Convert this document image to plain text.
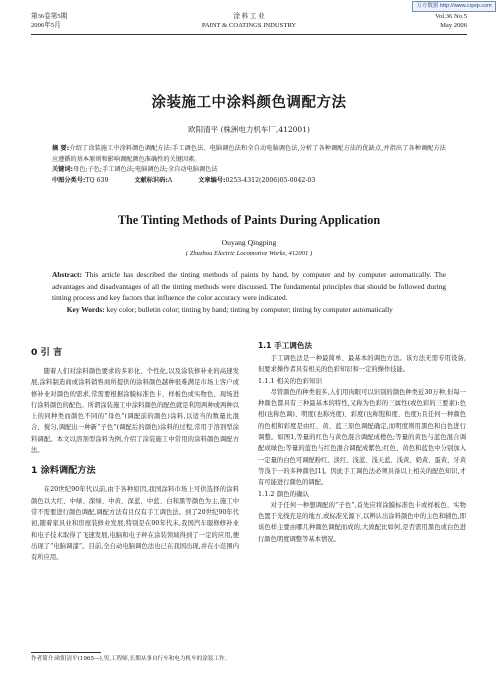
万方数据 http://www.cqvip.com
第36卷第5期
2006年5月
涂 料 工 业
PAINT & COATINGS INDUSTRY
Vol.36 No.5
May 2006
涂装施工中涂料颜色调配方法
欧阳清平 (株洲电力机车厂,412001)

摘 要:介绍了涂装施工中涂料颜色调配方法:手工调色法、电脑调色法和全自动电脑调色法,分析了各种调配方法的优缺点,并指出了各种调配方法应遵循的基本原则和影响调配颜色准确性的关键因素。

关键词:母色;子色;手工调色法;电脑调色法;全自动电脑调色法

中图分类号:TQ 639	文献标识码:A	文章编号:0253-4312(2006)05-0042-03

The Tinting Methods of Paints During Application
Ouyang Qingping
( Zhuzhou Electric Locomotive Works, 412001 )

Abstract: This article has described the tinting methods of paints by hand, by computer and by computer automatically. The advantages and disadvantages of all the tinting methods were discussed. The fundamental principles that should be followed during tinting process and key factors that influence the color accuracy were indicated.

Key Words: key color; bulletin color; tinting by hand; tinting by computer; tinting by computer automatically

0 引 言

随着人们对涂料颜色要求的多彩化、个性化,以及涂装修补业的高速发展,涂料制造商或涂料销售商所提供的涂料颜色越种很难满足市场上客户或修补业对颜色的需求,常需要根据涂膜标准色卡、样板色或实物色、现场进行涂料颜色的配色。所谓涂装施工中涂料颜色的配色就是利用两种或两种以上的同种类而颜色不同的“母色”(调配前的颜色)涂料,以适当的数量比混合、搅匀,调配出一种新“子色”(调配后的颜色)涂料的过程,常用于溶剂型涂料调配。本文以溶剂型涂料为例,介绍了涂装施工中常用的涂料颜色调配方法。

1 涂料调配方法

在20世纪90年代以前,由于各种原因,我国涂料市场上可供选择的涂料颜色以大红、中绿、深绿、中黄、深蓝、中蓝、白和黑等颜色为主,施工中常不需要进行颜色调配,调配方法有且仅有手工调色法。到了20世纪90年代初,随着家具业和房屋装修业发展,特别是在90年代末,我国汽车服修修补业和电子技术取得了飞速发展,电脑和电子秤在涂装领域得到了一定的应用,便出现了“电脑调漆”。目前,全自动电脑调色法也已在我国出现,并在小范围内有所应用。

1.1 手工调色法

手工调色法是一种最简单、最基本的调色方法。该方法无需专用设备,但要求操作者具有相关的色彩知识和一定的操作技能。

1.1.1 相关的色彩知识

尽管颜色的种类很多,人们用肉眼可以识别的颜色种类近30万种,但每一种颜色都具有三种最基本的特性,又称为色彩的三属性(或色彩的三要素):色相(也称色调)、明度(也称亮度)、彩度(也称饱和度、色度);且任何一种颜色的色相和彩度是由红、黄、蓝三原色调配确定,而明度则用黑色和白色进行调整。如图1,等量的红色与黄色混合调配成橙色;等量的黄色与蓝色混合调配成绿色;等量的蓝色与红色混合调配成紫色;红色、黄色和蓝色中分别加入一定量的白色可调配粉红、淡红、浅蓝、浅天蓝、浅黄、奶黄、蛋黄、牙黄等浅于一的多种颜色[1]。因此手工调色法必须具备以上相关的配色知识,才有可能进行颜色的调配。

1.1.2 颜色的确认

对于任何一种想调配的“子色”,首先应将涂膜标准色卡或样板色、实物色置于光线充足的地方,或标准光源下,以辨认出涂料颜色中的主色和辅色,即该色样主要由哪几种颜色调配而成的,大致配比如何,是否需用黑色或白色进行颜色明度调整等基本情况。

作者简介:欧阳清平(1965—),男,工程师,长期从事自行车和电力机车的涂装工作。
